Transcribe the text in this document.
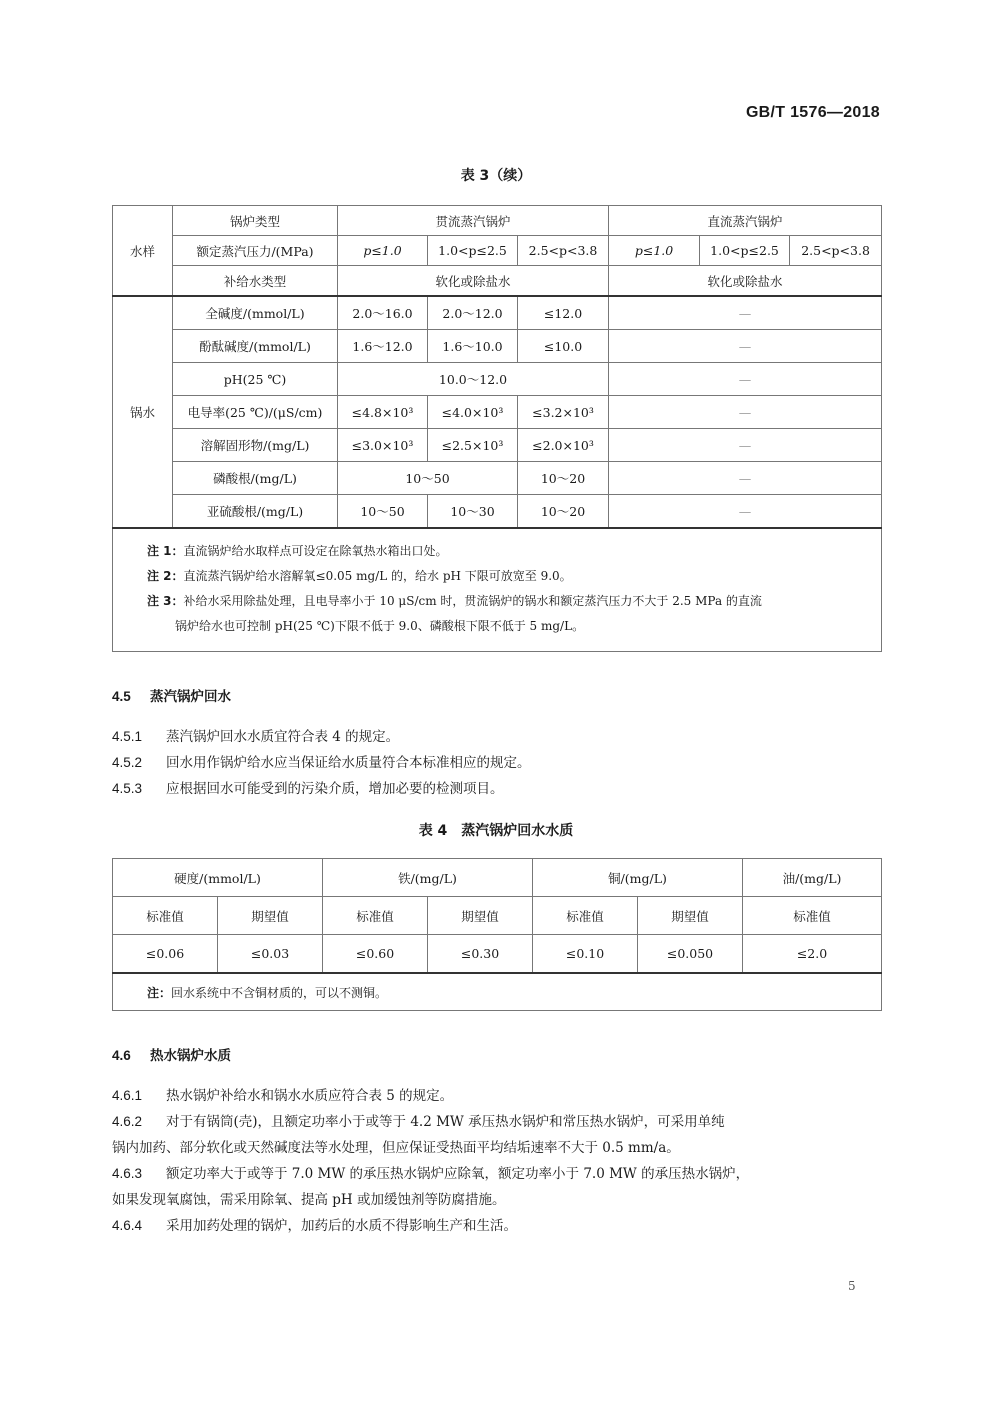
GB/T 1576—2018
表 3（续）
水样	锅炉类型	贯流蒸汽锅炉			直流蒸汽锅炉		
	额定蒸汽压力/(MPa)	p≤1.0	1.0<p≤2.5	2.5<p<3.8	p≤1.0	1.0<p≤2.5	2.5<p<3.8
	补给水类型	软化或除盐水			软化或除盐水		
锅水	全碱度/(mmol/L)	2.0～16.0	2.0～12.0	≤12.0	—		
	酚酞碱度/(mmol/L)	1.6～12.0	1.6～10.0	≤10.0	—		
	pH(25 ℃)	10.0～12.0			—		
	电导率(25 ℃)/(μS/cm)	≤4.8×10³	≤4.0×10³	≤3.2×10³	—		
	溶解固形物/(mg/L)	≤3.0×10³	≤2.5×10³	≤2.0×10³	—		
	磷酸根/(mg/L)	10～50		10～20	—		
	亚硫酸根/(mg/L)	10～50	10～30	10～20	—		

注 1：直流锅炉给水取样点可设定在除氧热水箱出口处。
注 2：直流蒸汽锅炉给水溶解氧≤0.05 mg/L 的，给水 pH 下限可放宽至 9.0。
注 3：补给水采用除盐处理，且电导率小于 10 μS/cm 时，贯流锅炉的锅水和额定蒸汽压力不大于 2.5 MPa 的直流
锅炉给水也可控制 pH(25 ℃)下限不低于 9.0、磷酸根下限不低于 5 mg/L。							
4.5 蒸汽锅炉回水
4.5.1 蒸汽锅炉回水水质宜符合表 4 的规定。
4.5.2 回水用作锅炉给水应当保证给水质量符合本标准相应的规定。
4.5.3 应根据回水可能受到的污染介质，增加必要的检测项目。
表 4　蒸汽锅炉回水水质
硬度/(mmol/L)		铁/(mg/L)		铜/(mg/L)		油/(mg/L)
标准值	期望值	标准值	期望值	标准值	期望值	标准值
≤0.06	≤0.03	≤0.60	≤0.30	≤0.10	≤0.050	≤2.0
注：回水系统中不含铜材质的，可以不测铜。						
4.6 热水锅炉水质
4.6.1 热水锅炉补给水和锅水水质应符合表 5 的规定。
4.6.2 对于有锅筒(壳)，且额定功率小于或等于 4.2 MW 承压热水锅炉和常压热水锅炉，可采用单纯
锅内加药、部分软化或天然碱度法等水处理，但应保证受热面平均结垢速率不大于 0.5 mm/a。
4.6.3 额定功率大于或等于 7.0 MW 的承压热水锅炉应除氧，额定功率小于 7.0 MW 的承压热水锅炉，
如果发现氧腐蚀，需采用除氧、提高 pH 或加缓蚀剂等防腐措施。
4.6.4 采用加药处理的锅炉，加药后的水质不得影响生产和生活。
5
